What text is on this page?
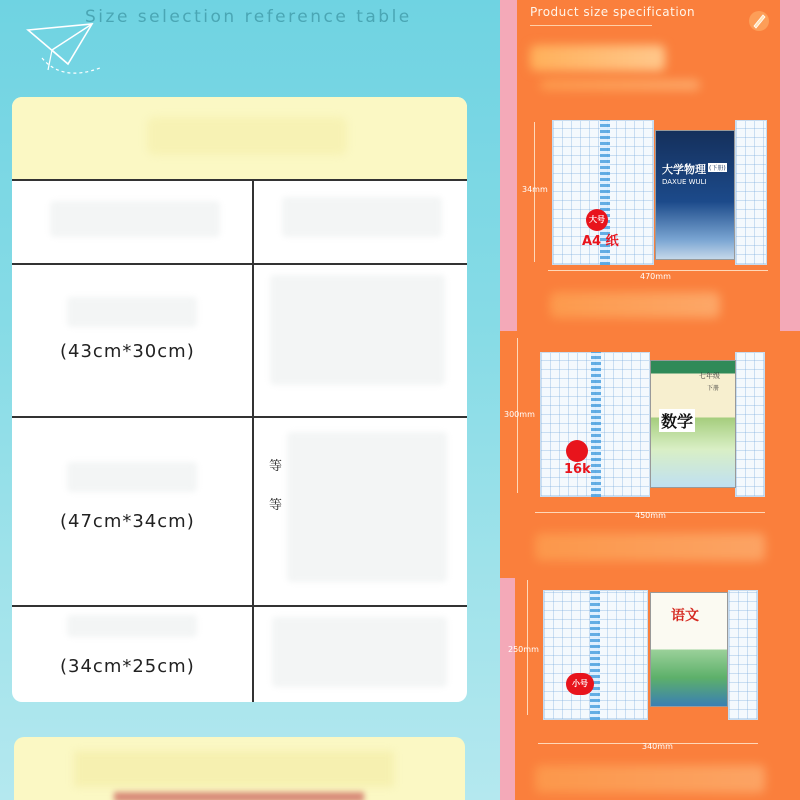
Size selection reference table
(43cm*30cm)
(47cm*34cm)
等
等
(34cm*25cm)
Product size specification
大学物理 (下册)
DAXUE WULI
大号
A4 纸
34mm
470mm
七年级
下册
数学
16k
300mm
450mm
语文
小号
250mm
340mm
